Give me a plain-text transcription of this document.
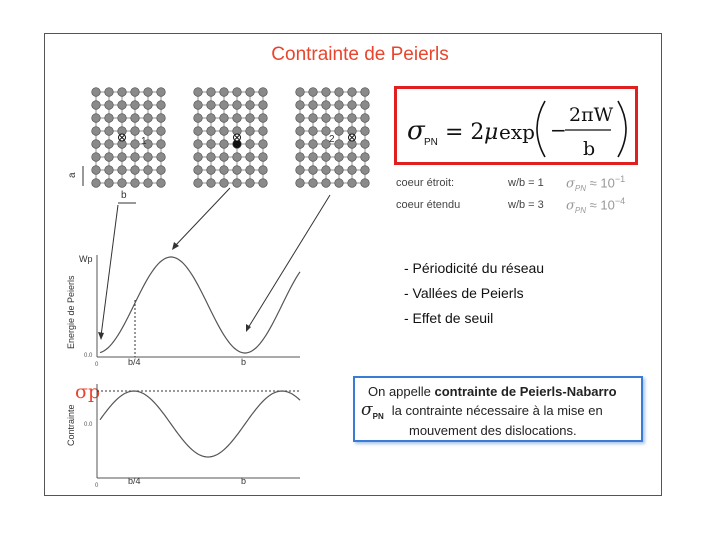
Contrainte de Peierls
a
b
1	2	σ PN = 2 μ exp −
2πW
b
coeur étroit:	w/b = 1 $\sigma_{PN} \approx 10^{-1}$
coeur étendu	w/b = 3 $\sigma_{PN} \approx 10^{-4}$
- Périodicité du réseau
- Vallées de Peierls
- Effet de seuil
Energie de Peierls
Wp
0.0
0	b/4	b
σp
Contrainte 0.0
0	b/4	b
On appelle contrainte de Peierls-Nabarro
$\sigma_{PN}$ la contrainte nécessaire à la mise en
mouvement des dislocations.
